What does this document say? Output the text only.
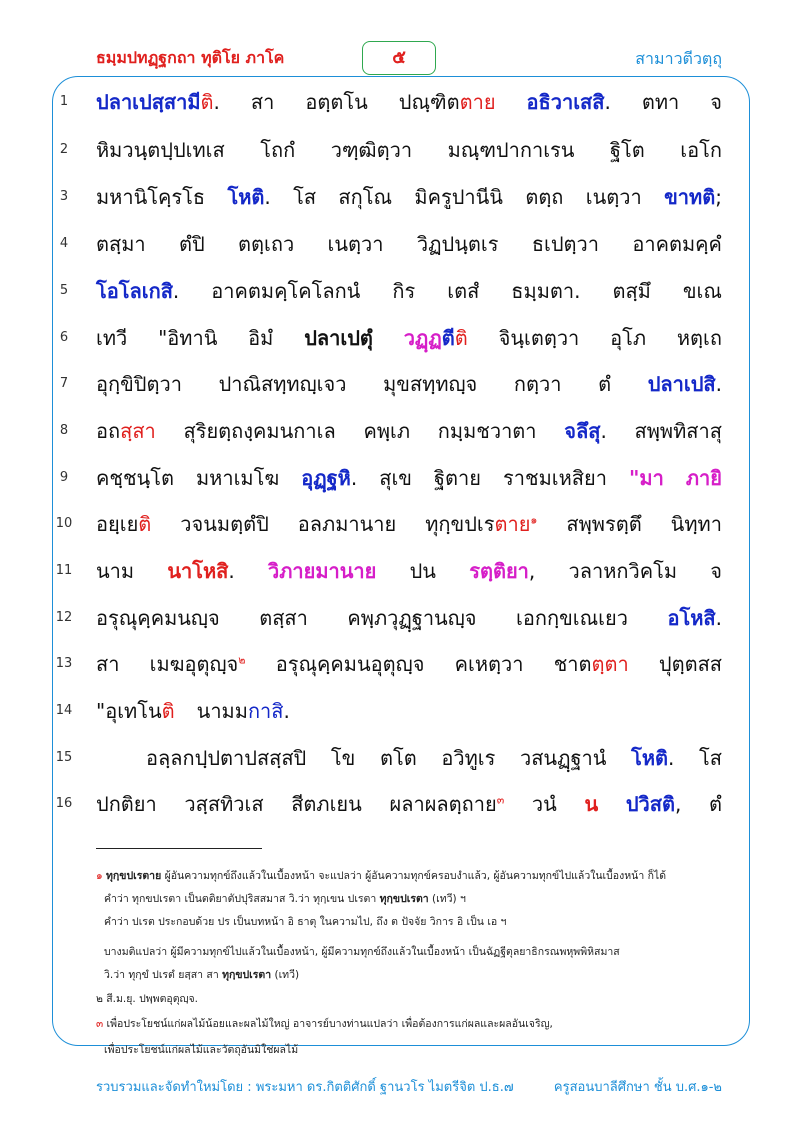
ธมฺมปทฏฺฐกถา ทุติโย ภาโค	๕	สามาวตีวตฺถุ
1
2
3
4
5
6
7
8
9
10
11
12
13
14
15
16
ปลาเปสฺสามีติ. สา อตฺตโน ปณฺฑิตตาย อธิวาเสสิ. ตทา จ
หิมวนฺตปฺปเทเส โถกํ วฑฺฒิตฺวา มณฺฑปากาเรน ฐิโต เอโก
มหานิโคฺรโธ โหติ. โส สกุโณ มิครูปานีนิ ตตฺถ เนตฺวา ขาทติ;
ตสฺมา ตํปิ ตตฺเถว เนตฺวา วิฏปนฺตเร ธเปตฺวา อาคตมคฺคํ
โอโลเกสิ. อาคตมคฺโคโลกนํ กิร เตสํ ธมฺมตา. ตสฺมึ ขเณ
เทวี "อิทานิ อิมํ ปลาเปตุํ วฏฺฏตีติ จินฺเตตฺวา อุโภ หตฺเถ
อุกฺขิปิตฺวา ปาณิสทฺทญฺเจว มุขสทฺทญฺจ กตฺวา ตํ ปลาเปสิ.
อถสฺสา สุริยตฺถงฺคมนกาเล คพฺเภ กมฺมชวาตา จลึสุ. สพฺพทิสาสุ
คชฺชนฺโต มหาเมโฆ อุฏฺฐหิ. สุเข ฐิตาย ราชมเหสิยา "มา ภายิ
อยฺเยติ วจนมตฺตํปิ อลภมานาย ทุกฺขปเรตาย$^๑$ สพฺพรตฺตึ นิทฺทา
นาม นาโหสิ. วิภายมานาย ปน รตฺติยา, วลาหกวิคโม จ
อรุณุคฺคมนญฺจ ตสฺสา คพฺภวุฏฺฐานญฺจ เอกกฺขเณเยว อโหสิ.
สา เมฆอุตุญฺจ$^๒$ อรุณุคฺคมนอุตุญฺจ คเหตฺวา ชาตตฺตา ปุตฺตสส
"อุเทโนติ นามมกาสิ.
อลฺลกปฺปตาปสสฺสปิ โข ตโต อวิทูเร วสนฏฺฐานํ โหติ. โส
ปกติยา วสฺสทิวเส สีตภเยน ผลาผลตฺถาย$^๓$ วนํ น ปวิสติ, ตํ
๑ ทุกฺขปเรตาย ผู้อันความทุกข์ถึงแล้วในเบื้องหน้า จะแปลว่า ผู้อันความทุกข์ครอบงำแล้ว, ผู้อันความทุกข์ไปแล้วในเบื้องหน้า ก็ได้
คำว่า ทุกขปเรตา เป็นตติยาตัปปุริสสมาส วิ.ว่า ทุกฺเขน ปเรตา ทุกฺขปเรตา (เทวี) ฯ
คำว่า ปเรต ประกอบด้วย ปร เป็นบทหน้า อิ ธาตุ ในความไป, ถึง ต ปัจจัย วิการ อิ เป็น เอ ฯ
บางมติแปลว่า ผู้มีความทุกข์ไปแล้วในเบื้องหน้า, ผู้มีความทุกข์ถึงแล้วในเบื้องหน้า เป็นฉัฏฐีตุลยาธิกรณพหุพพิหิสมาส
วิ.ว่า ทุกฺขํ ปเรตํ ยสฺสา สา ทุกฺขปเรตา (เทวี)
๒ สี.ม.ยุ. ปพฺพตอุตุญฺจ.
๓ เพื่อประโยชน์แก่ผลไม้น้อยและผลไม้ใหญ่ อาจารย์บางท่านแปลว่า เพื่อต้องการแก่ผลและผลอันเจริญ,
เพื่อประโยชน์แก่ผลไม้และวัตถุอันมิใช่ผลไม้
รวบรวมและจัดทำใหม่โดย : พระมหา ดร.กิตติศักดิ์ ฐานวโร ไมตรีจิต ป.ธ.๗	ครูสอนบาลีศึกษา ชั้น บ.ศ.๑-๒
